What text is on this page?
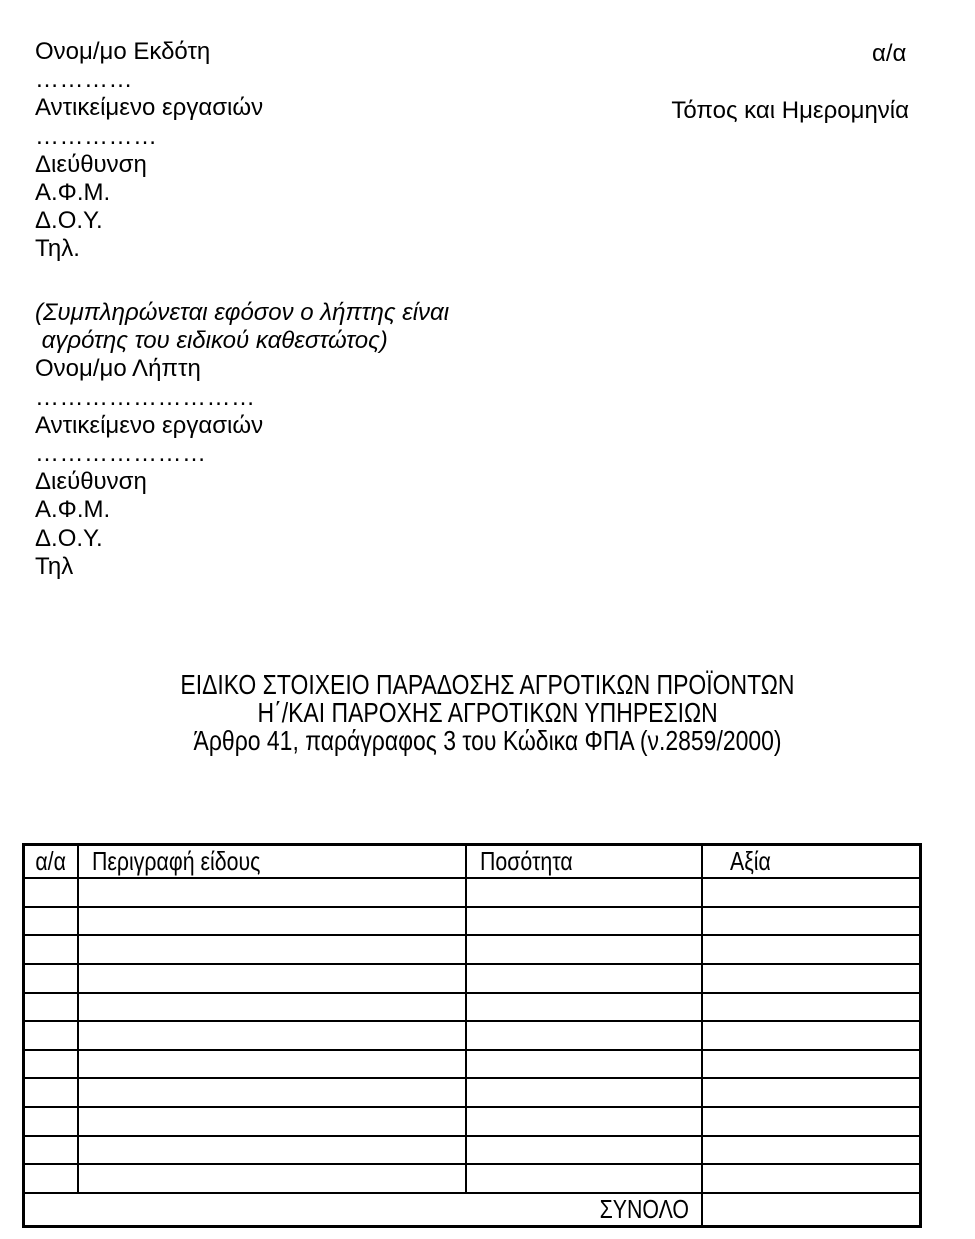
Ονομ/μο Εκδότη
…………
Αντικείμενο εργασιών
……………
Διεύθυνση
Α.Φ.Μ.
Δ.Ο.Υ.
Τηλ.
α/α
Τόπος και Ημερομηνία
(Συμπληρώνεται εφόσον ο λήπτης είναι
αγρότης του ειδικού καθεστώτος)
Ονομ/μο Λήπτη
………………………
Αντικείμενο εργασιών
…………………
Διεύθυνση
Α.Φ.Μ.
Δ.Ο.Υ.
Τηλ
ΕΙΔΙΚΟ ΣΤΟΙΧΕΙΟ ΠΑΡΑΔΟΣΗΣ ΑΓΡΟΤΙΚΩΝ ΠΡΟΪΟΝΤΩΝ
Η΄/ΚΑΙ ΠΑΡΟΧΗΣ ΑΓΡΟΤΙΚΩΝ ΥΠΗΡΕΣΙΩΝ
Άρθρο 41, παράγραφος 3 του Κώδικα ΦΠΑ (ν.2859/2000)
α/α Περιγραφή είδους	Ποσότητα	Αξία
ΣΥΝΟΛΟ
